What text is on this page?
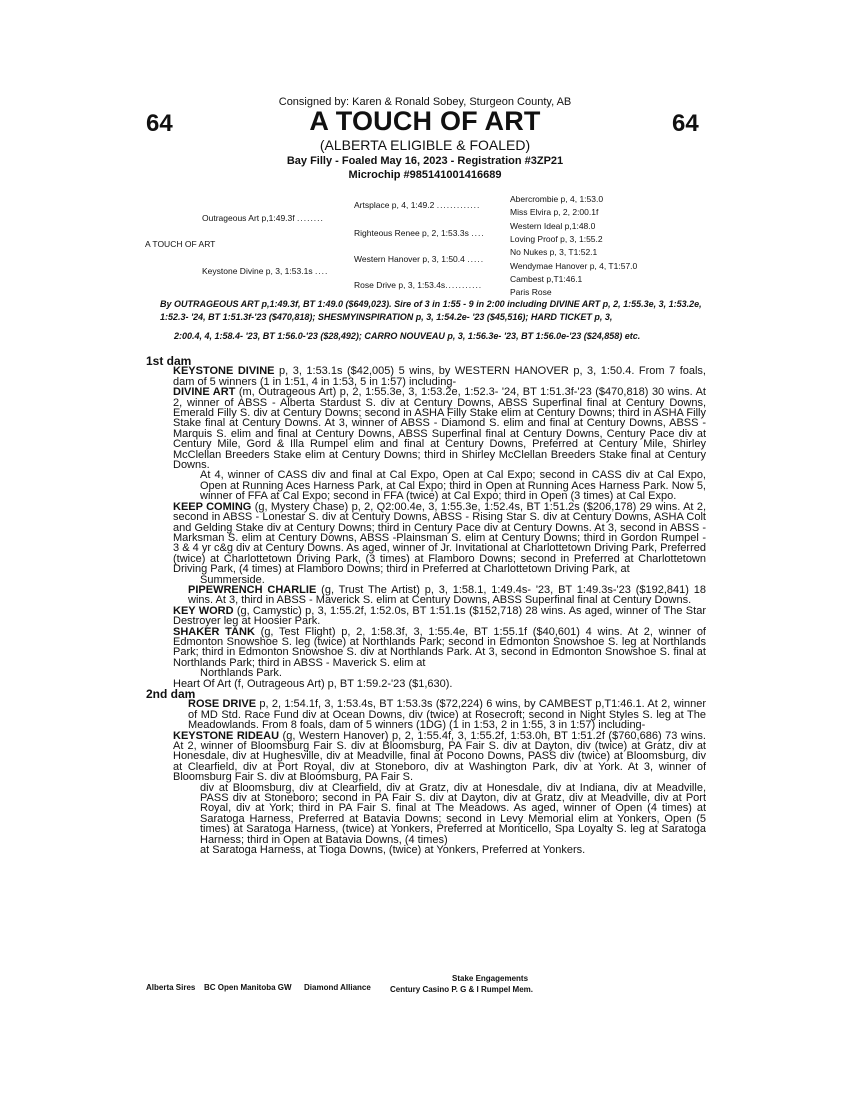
Consigned by: Karen & Ronald Sobey, Sturgeon County, AB
64	A TOUCH OF ART	64
(ALBERTA ELIGIBLE & FOALED)
Bay Filly - Foaled May 16, 2023 - Registration #3ZP21
Microchip #985141001416689
A TOUCH OF ART
Outrageous Art p,1:49.3f ........
Keystone Divine p, 3, 1:53.1s ....
Artsplace p, 4, 1:49.2 .............
Righteous Renee p, 2, 1:53.3s ....
Western Hanover p, 3, 1:50.4 .....
Rose Drive p, 3, 1:53.4s...........
Abercrombie p, 4, 1:53.0
Miss Elvira p, 2, 2:00.1f
Western Ideal p,1:48.0
Loving Proof p, 3, 1:55.2
No Nukes p, 3, T1:52.1
Wendymae Hanover p, 4, T1:57.0
Cambest p,T1:46.1
Paris Rose
By OUTRAGEOUS ART p,1:49.3f, BT 1:49.0 ($649,023). Sire of 3 in 1:55 - 9 in 2:00 including DIVINE ART p, 2, 1:55.3e, 3, 1:53.2e, 1:52.3- '24, BT 1:51.3f-'23 ($470,818); SHESMYINSPIRATION p, 3, 1:54.2e- '23 ($45,516); HARD TICKET p, 3,
2:00.4, 4, 1:58.4- '23, BT 1:56.0-'23 ($28,492); CARRO NOUVEAU p, 3, 1:56.3e- '23, BT 1:56.0e-'23 ($24,858) etc.

1st dam

KEYSTONE DIVINE p, 3, 1:53.1s ($42,005) 5 wins, by WESTERN HANOVER p, 3, 1:50.4. From 7 foals, dam of 5 winners (1 in 1:51, 4 in 1:53, 5 in 1:57) including-

DIVINE ART (m, Outrageous Art) p, 2, 1:55.3e, 3, 1:53.2e, 1:52.3- '24, BT 1:51.3f-'23 ($470,818) 30 wins. At 2, winner of ABSS - Alberta Stardust S. div at Century Downs, ABSS Superfinal final at Century Downs, Emerald Filly S. div at Century Downs; second in ASHA Filly Stake elim at Century Downs; third in ASHA Filly Stake final at Century Downs. At 3, winner of ABSS - Diamond S. elim and final at Century Downs, ABSS - Marquis S. elim and final at Century Downs, ABSS Superfinal final at Century Downs, Century Pace div at Century Mile, Gord & Illa Rumpel elim and final at Century Downs, Preferred at Century Mile, Shirley McClellan Breeders Stake elim at Century Downs; third in Shirley McClellan Breeders Stake final at Century Downs.

At 4, winner of CASS div and final at Cal Expo, Open at Cal Expo; second in CASS div at Cal Expo, Open at Running Aces Harness Park, at Cal Expo; third in Open at Running Aces Harness Park. Now 5, winner of FFA at Cal Expo; second in FFA (twice) at Cal Expo; third in Open (3 times) at Cal Expo.

KEEP COMING (g, Mystery Chase) p, 2, Q2:00.4e, 3, 1:55.3e, 1:52.4s, BT 1:51.2s ($206,178) 29 wins. At 2, second in ABSS - Lonestar S. div at Century Downs, ABSS - Rising Star S. div at Century Downs, ASHA Colt and Gelding Stake div at Century Downs; third in Century Pace div at Century Downs. At 3, second in ABSS - Marksman S. elim at Century Downs, ABSS -Plainsman S. elim at Century Downs; third in Gordon Rumpel - 3 & 4 yr c&g div at Century Downs. As aged, winner of Jr. Invitational at Charlottetown Driving Park, Preferred (twice) at Charlottetown Driving Park, (3 times) at Flamboro Downs; second in Preferred at Charlottetown Driving Park, (4 times) at Flamboro Downs; third in Preferred at Charlottetown Driving Park, at

Summerside.

PIPEWRENCH CHARLIE (g, Trust The Artist) p, 3, 1:58.1, 1:49.4s- '23, BT 1:49.3s-'23 ($192,841) 18 wins. At 3, third in ABSS - Maverick S. elim at Century Downs, ABSS Superfinal final at Century Downs.

KEY WORD (g, Camystic) p, 3, 1:55.2f, 1:52.0s, BT 1:51.1s ($152,718) 28 wins. As aged, winner of The Star Destroyer leg at Hoosier Park.

SHAKER TANK (g, Test Flight) p, 2, 1:58.3f, 3, 1:55.4e, BT 1:55.1f ($40,601) 4 wins. At 2, winner of Edmonton Snowshoe S. leg (twice) at Northlands Park; second in Edmonton Snowshoe S. leg at Northlands Park; third in Edmonton Snowshoe S. div at Northlands Park. At 3, second in Edmonton Snowshoe S. final at Northlands Park; third in ABSS - Maverick S. elim at

Northlands Park.

Heart Of Art (f, Outrageous Art) p, BT 1:59.2-'23 ($1,630).

2nd dam

ROSE DRIVE p, 2, 1:54.1f, 3, 1:53.4s, BT 1:53.3s ($72,224) 6 wins, by CAMBEST p,T1:46.1. At 2, winner of MD Std. Race Fund div at Ocean Downs, div (twice) at Rosecroft; second in Night Styles S. leg at The Meadowlands. From 8 foals, dam of 5 winners (1DG) (1 in 1:53, 2 in 1:55, 3 in 1:57) including-

KEYSTONE RIDEAU (g, Western Hanover) p, 2, 1:55.4f, 3, 1:55.2f, 1:53.0h, BT 1:51.2f ($760,686) 73 wins. At 2, winner of Bloomsburg Fair S. div at Bloomsburg, PA Fair S. div at Dayton, div (twice) at Gratz, div at Honesdale, div at Hughesville, div at Meadville, final at Pocono Downs, PASS div (twice) at Bloomsburg, div at Clearfield, div at Port Royal, div at Stoneboro, div at Washington Park, div at York. At 3, winner of Bloomsburg Fair S. div at Bloomsburg, PA Fair S.

div at Bloomsburg, div at Clearfield, div at Gratz, div at Honesdale, div at Indiana, div at Meadville, PASS div at Stoneboro; second in PA Fair S. div at Dayton, div at Gratz, div at Meadville, div at Port Royal, div at York; third in PA Fair S. final at The Meadows. As aged, winner of Open (4 times) at Saratoga Harness, Preferred at Batavia Downs; second in Levy Memorial elim at Yonkers, Open (5 times) at Saratoga Harness, (twice) at Yonkers, Preferred at Monticello, Spa Loyalty S. leg at Saratoga Harness; third in Open at Batavia Downs, (4 times)

at Saratoga Harness, at Tioga Downs, (twice) at Yonkers, Preferred at Yonkers.

Alberta Sires BC Open Manitoba GW Diamond Alliance
Stake Engagements
Century Casino P. G & I Rumpel Mem.
